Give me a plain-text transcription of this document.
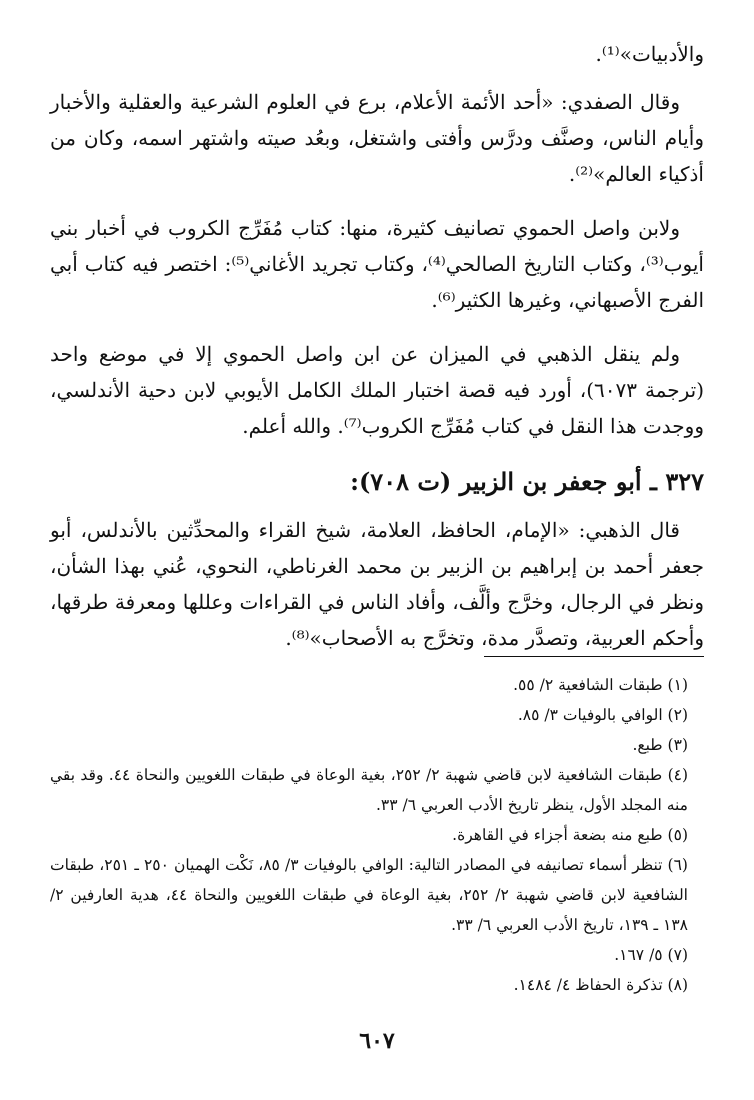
والأدبيات»⁽¹⁾.

وقال الصفدي: «أحد الأئمة الأعلام، برع في العلوم الشرعية والعقلية والأخبار وأيام الناس، وصنَّف ودرَّس وأفتى واشتغل، وبعُد صيته واشتهر اسمه، وكان من أذكياء العالم»⁽²⁾.

ولابن واصل الحموي تصانيف كثيرة، منها: كتاب مُفَرِّج الكروب في أخبار بني أيوب⁽³⁾، وكتاب التاريخ الصالحي⁽⁴⁾، وكتاب تجريد الأغاني⁽⁵⁾: اختصر فيه كتاب أبي الفرج الأصبهاني، وغيرها الكثير⁽⁶⁾.

ولم ينقل الذهبي في الميزان عن ابن واصل الحموي إلا في موضع واحد (ترجمة ٦٠٧٣)، أورد فيه قصة اختبار الملك الكامل الأيوبي لابن دحية الأندلسي، ووجدت هذا النقل في كتاب مُفَرِّج الكروب⁽⁷⁾. والله أعلم.

٣٢٧ ـ أبو جعفر بن الزبير (ت ٧٠٨):

قال الذهبي: «الإمام، الحافظ، العلامة، شيخ القراء والمحدِّثين بالأندلس، أبو جعفر أحمد بن إبراهيم بن الزبير بن محمد الغرناطي، النحوي، عُني بهذا الشأن، ونظر في الرجال، وخرَّج وألَّف، وأفاد الناس في القراءات وعللها ومعرفة طرقها، وأحكم العربية، وتصدَّر مدة، وتخرَّج به الأصحاب»⁽⁸⁾.

(١) طبقات الشافعية ٢/ ٥٥.

(٢) الوافي بالوفيات ٣/ ٨٥.

(٣) طبع.

(٤) طبقات الشافعية لابن قاضي شهبة ٢/ ٢٥٢، بغية الوعاة في طبقات اللغويين والنحاة ٤٤. وقد بقي منه المجلد الأول، ينظر تاريخ الأدب العربي ٦/ ٣٣.

(٥) طبع منه بضعة أجزاء في القاهرة.

(٦) تنظر أسماء تصانيفه في المصادر التالية: الوافي بالوفيات ٣/ ٨٥، نَكْت الهميان ٢٥٠ ـ ٢٥١، طبقات الشافعية لابن قاضي شهبة ٢/ ٢٥٢، بغية الوعاة في طبقات اللغويين والنحاة ٤٤، هدية العارفين ٢/ ١٣٨ ـ ١٣٩، تاريخ الأدب العربي ٦/ ٣٣.

(٧) ٥/ ١٦٧.

(٨) تذكرة الحفاظ ٤/ ١٤٨٤.

٦٠٧
